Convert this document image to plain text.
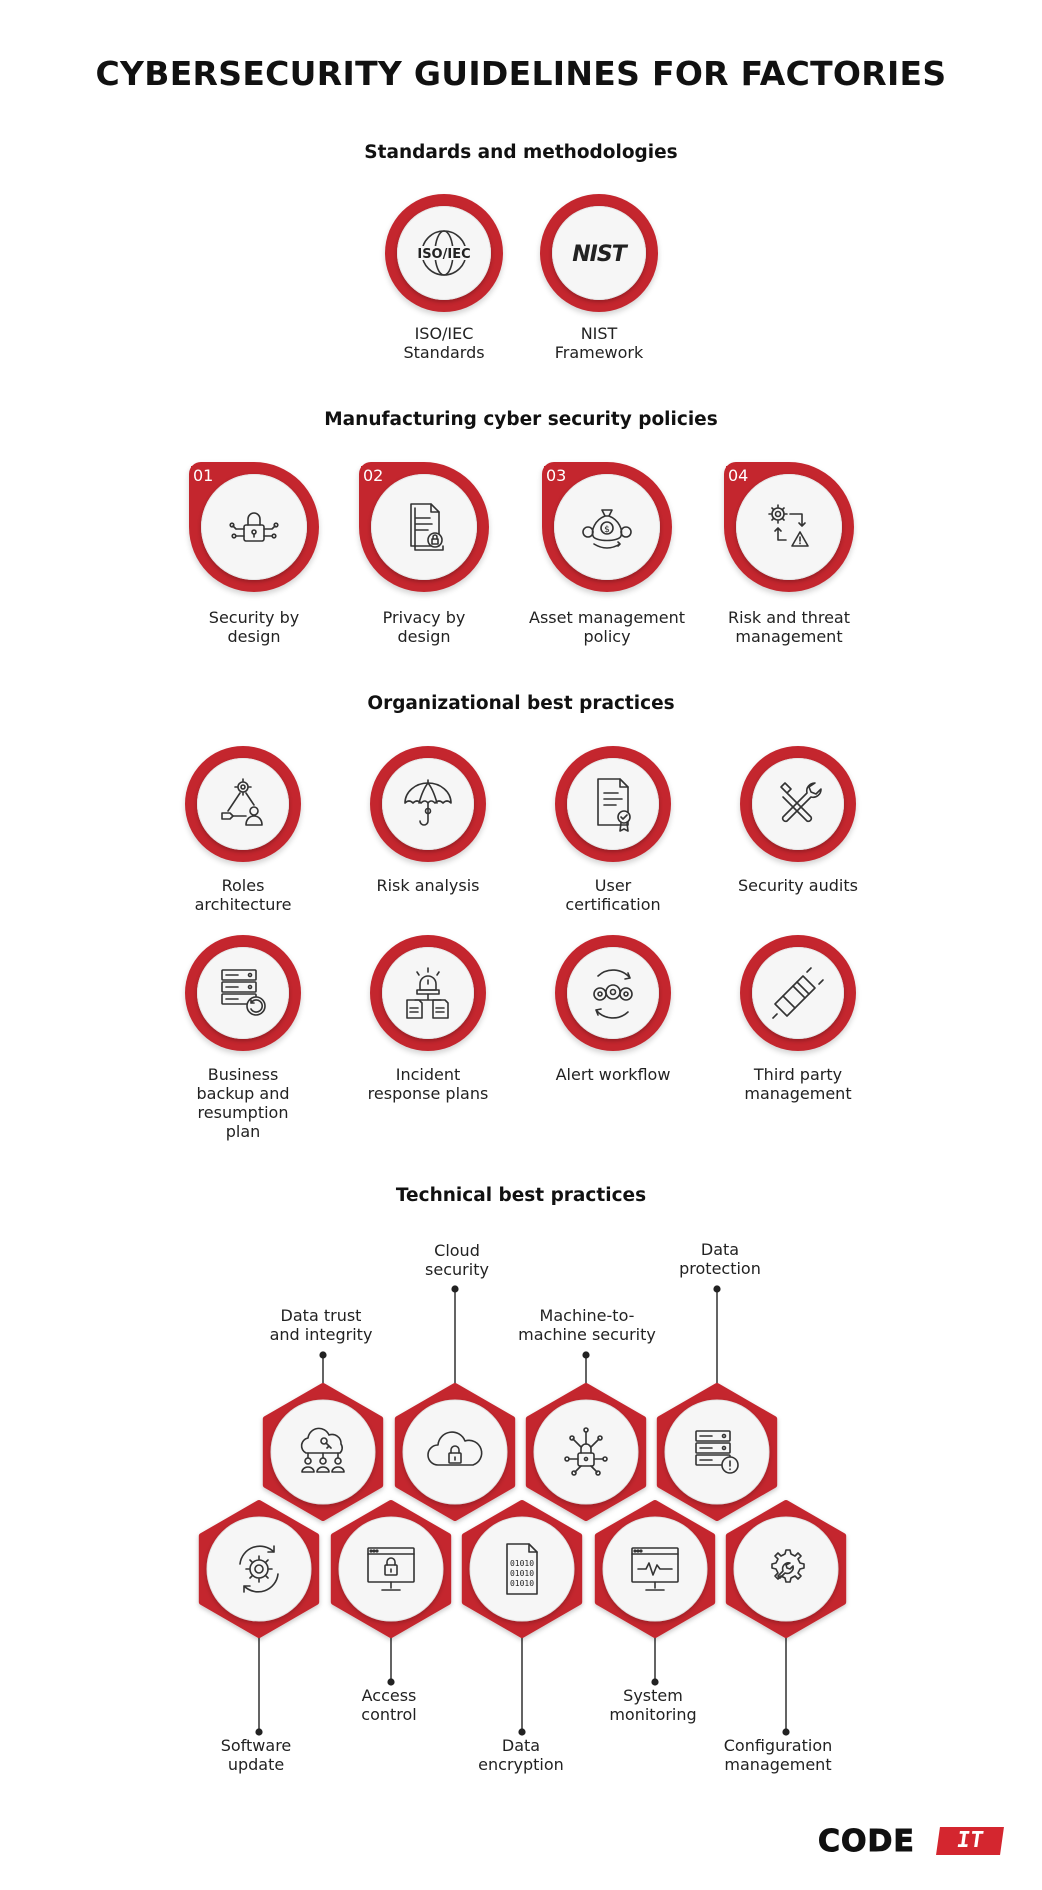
CYBERSECURITY GUIDELINES FOR FACTORIES
Standards and methodologies
ISO/IEC
ISO/IEC
Standards
NIST
NIST
Framework
Manufacturing cyber security policies
01
Security by
design
02
Privacy by
design
03
$
Asset management
policy
04
Risk and threat
management
Organizational best practices
Roles
architecture
Risk analysis	User
certification
Security audits
Business
backup and
resumption
plan
Incident
response plans
Alert workflow	Third party
management
Technical best practices
Data trust
and integrity
Cloud
security
Machine-to-
machine security
Data
protection
Software
update
Access
control
Data
encryption
System
monitoring
Configuration
management
01010
01010
01010
CODE	IT
